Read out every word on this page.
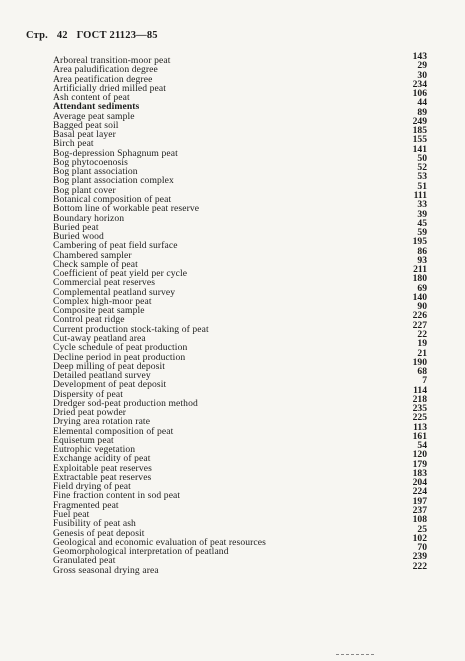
Стр. 42 ГОСТ 21123—85
Arboreal transition-moor peat
Area paludification degree
Area peatification degree
Artificially dried milled peat
Ash content of peat
Attendant sediments
Average peat sample
Bagged peat soil
Basal peat layer
Birch peat
Bog-depression Sphagnum peat
Bog phytocoenosis
Bog plant association
Bog plant association complex
Bog plant cover
Botanical composition of peat
Bottom line of workable peat reserve
Boundary horizon
Buried peat
Buried wood
Cambering of peat field surface
Chambered sampler
Check sample of peat
Coefficient of peat yield per cycle
Commercial peat reserves
Complemental peatland survey
Complex high-moor peat
Composite peat sample
Control peat ridge
Current production stock-taking of peat
Cut-away peatland area
Cycle schedule of peat production
Decline period in peat production
Deep milling of peat deposit
Detailed peatland survey
Development of peat deposit
Dispersity of peat
Dredger sod-peat production method
Dried peat powder
Drying area rotation rate
Elemental composition of peat
Equisetum peat
Eutrophic vegetation
Exchange acidity of peat
Exploitable peat reserves
Extractable peat reserves
Field drying of peat
Fine fraction content in sod peat
Fragmented peat
Fuel peat
Fusibility of peat ash
Genesis of peat deposit
Geological and economic evaluation of peat resources
Geomorphological interpretation of peatland
Granulated peat
Gross seasonal drying area
143
29
30
234
106
44
89
249
185
155
141
50
52
53
51
111
33
39
45
59
195
86
93
211
180
69
140
90
226
227
22
19
21
190
68
7
114
218
235
225
113
161
54
120
179
183
204
224
197
237
108
25
102
70
239
222
